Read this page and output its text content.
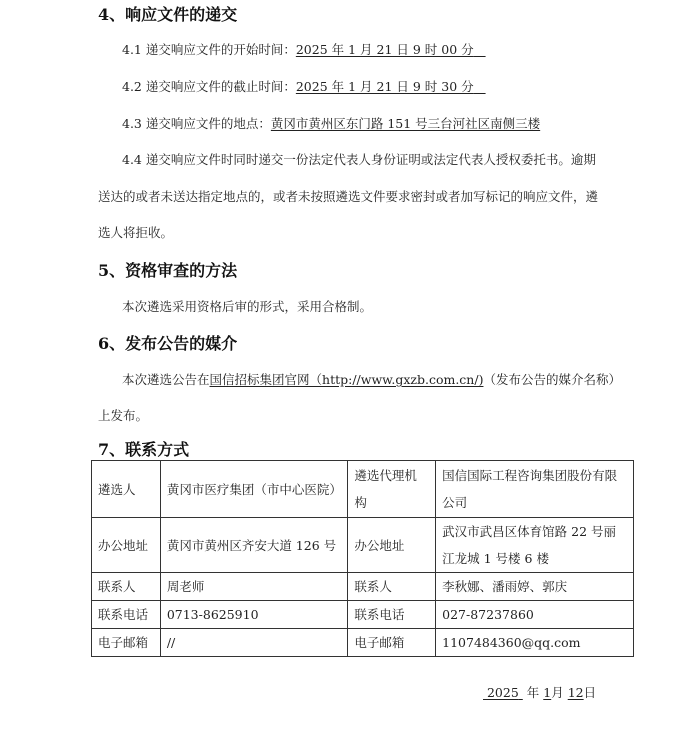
4、响应文件的递交
4.1 递交响应文件的开始时间：2025 年 1 月 21 日 9 时 00 分
4.2 递交响应文件的截止时间：2025 年 1 月 21 日 9 时 30 分
4.3 递交响应文件的地点：黄冈市黄州区东门路 151 号三台河社区南侧三楼
4.4 递交响应文件时同时递交一份法定代表人身份证明或法定代表人授权委托书。逾期
送达的或者未送达指定地点的，或者未按照遴选文件要求密封或者加写标记的响应文件，遴
选人将拒收。
5、资格审查的方法
本次遴选采用资格后审的形式，采用合格制。
6、发布公告的媒介
本次遴选公告在国信招标集团官网（http://www.gxzb.com.cn/)（发布公告的媒介名称）
上发布。
7、联系方式
遴选人	黄冈市医疗集团（市中心医院）	遴选代理机构	国信国际工程咨询集团股份有限公司
办公地址	黄冈市黄州区齐安大道 126 号	办公地址	武汉市武昌区体育馆路 22 号丽江龙城 1 号楼 6 楼
联系人	周老师	联系人	李秋娜、潘雨婷、郭庆
联系电话	0713-8625910	联系电话	027-87237860
电子邮箱	//	电子邮箱	1107484360@qq.com
2025 年 1月 12日
